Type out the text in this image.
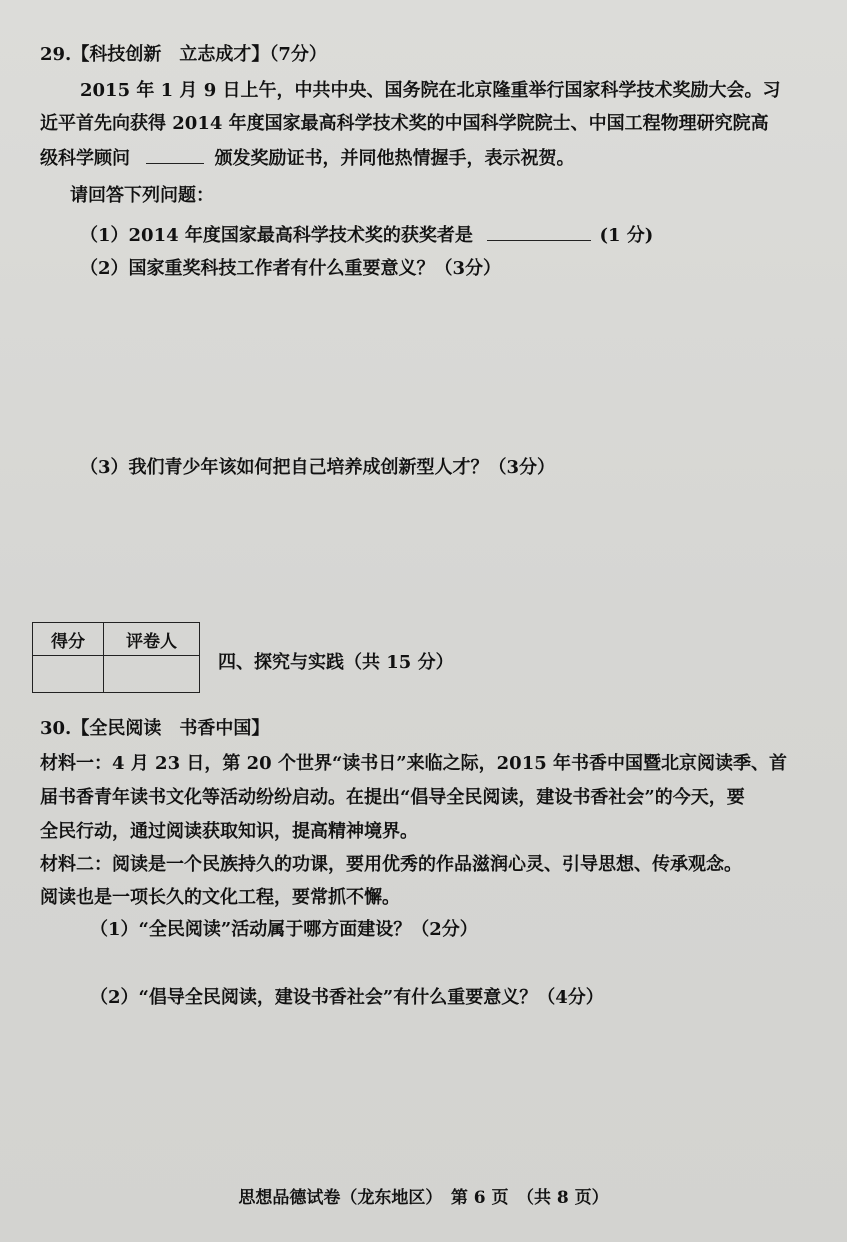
29.【科技创新　立志成才】（7分）
2015 年 1 月 9 日上午，中共中央、国务院在北京隆重举行国家科学技术奖励大会。习
近平首先向获得 2014 年度国家最高科学技术奖的中国科学院院士、中国工程物理研究院高
级科学顾问	颁发奖励证书，并同他热情握手，表示祝贺。
请回答下列问题：
（1）2014 年度国家最高科学技术奖的获奖者是	(1 分)
（2）国家重奖科技工作者有什么重要意义？（3分）
（3）我们青少年该如何把自己培养成创新型人才？（3分）
得分	评卷人

四、探究与实践（共 15 分）
30.【全民阅读　书香中国】
材料一：4 月 23 日，第 20 个世界“读书日”来临之际，2015 年书香中国暨北京阅读季、首
届书香青年读书文化等活动纷纷启动。在提出“倡导全民阅读，建设书香社会”的今天，要
全民行动，通过阅读获取知识，提高精神境界。
材料二：阅读是一个民族持久的功课，要用优秀的作品滋润心灵、引导思想、传承观念。
阅读也是一项长久的文化工程，要常抓不懈。
（1）“全民阅读”活动属于哪方面建设？（2分）
（2）“倡导全民阅读，建设书香社会”有什么重要意义？（4分）
思想品德试卷（龙东地区）　第 6 页　（共 8 页）
